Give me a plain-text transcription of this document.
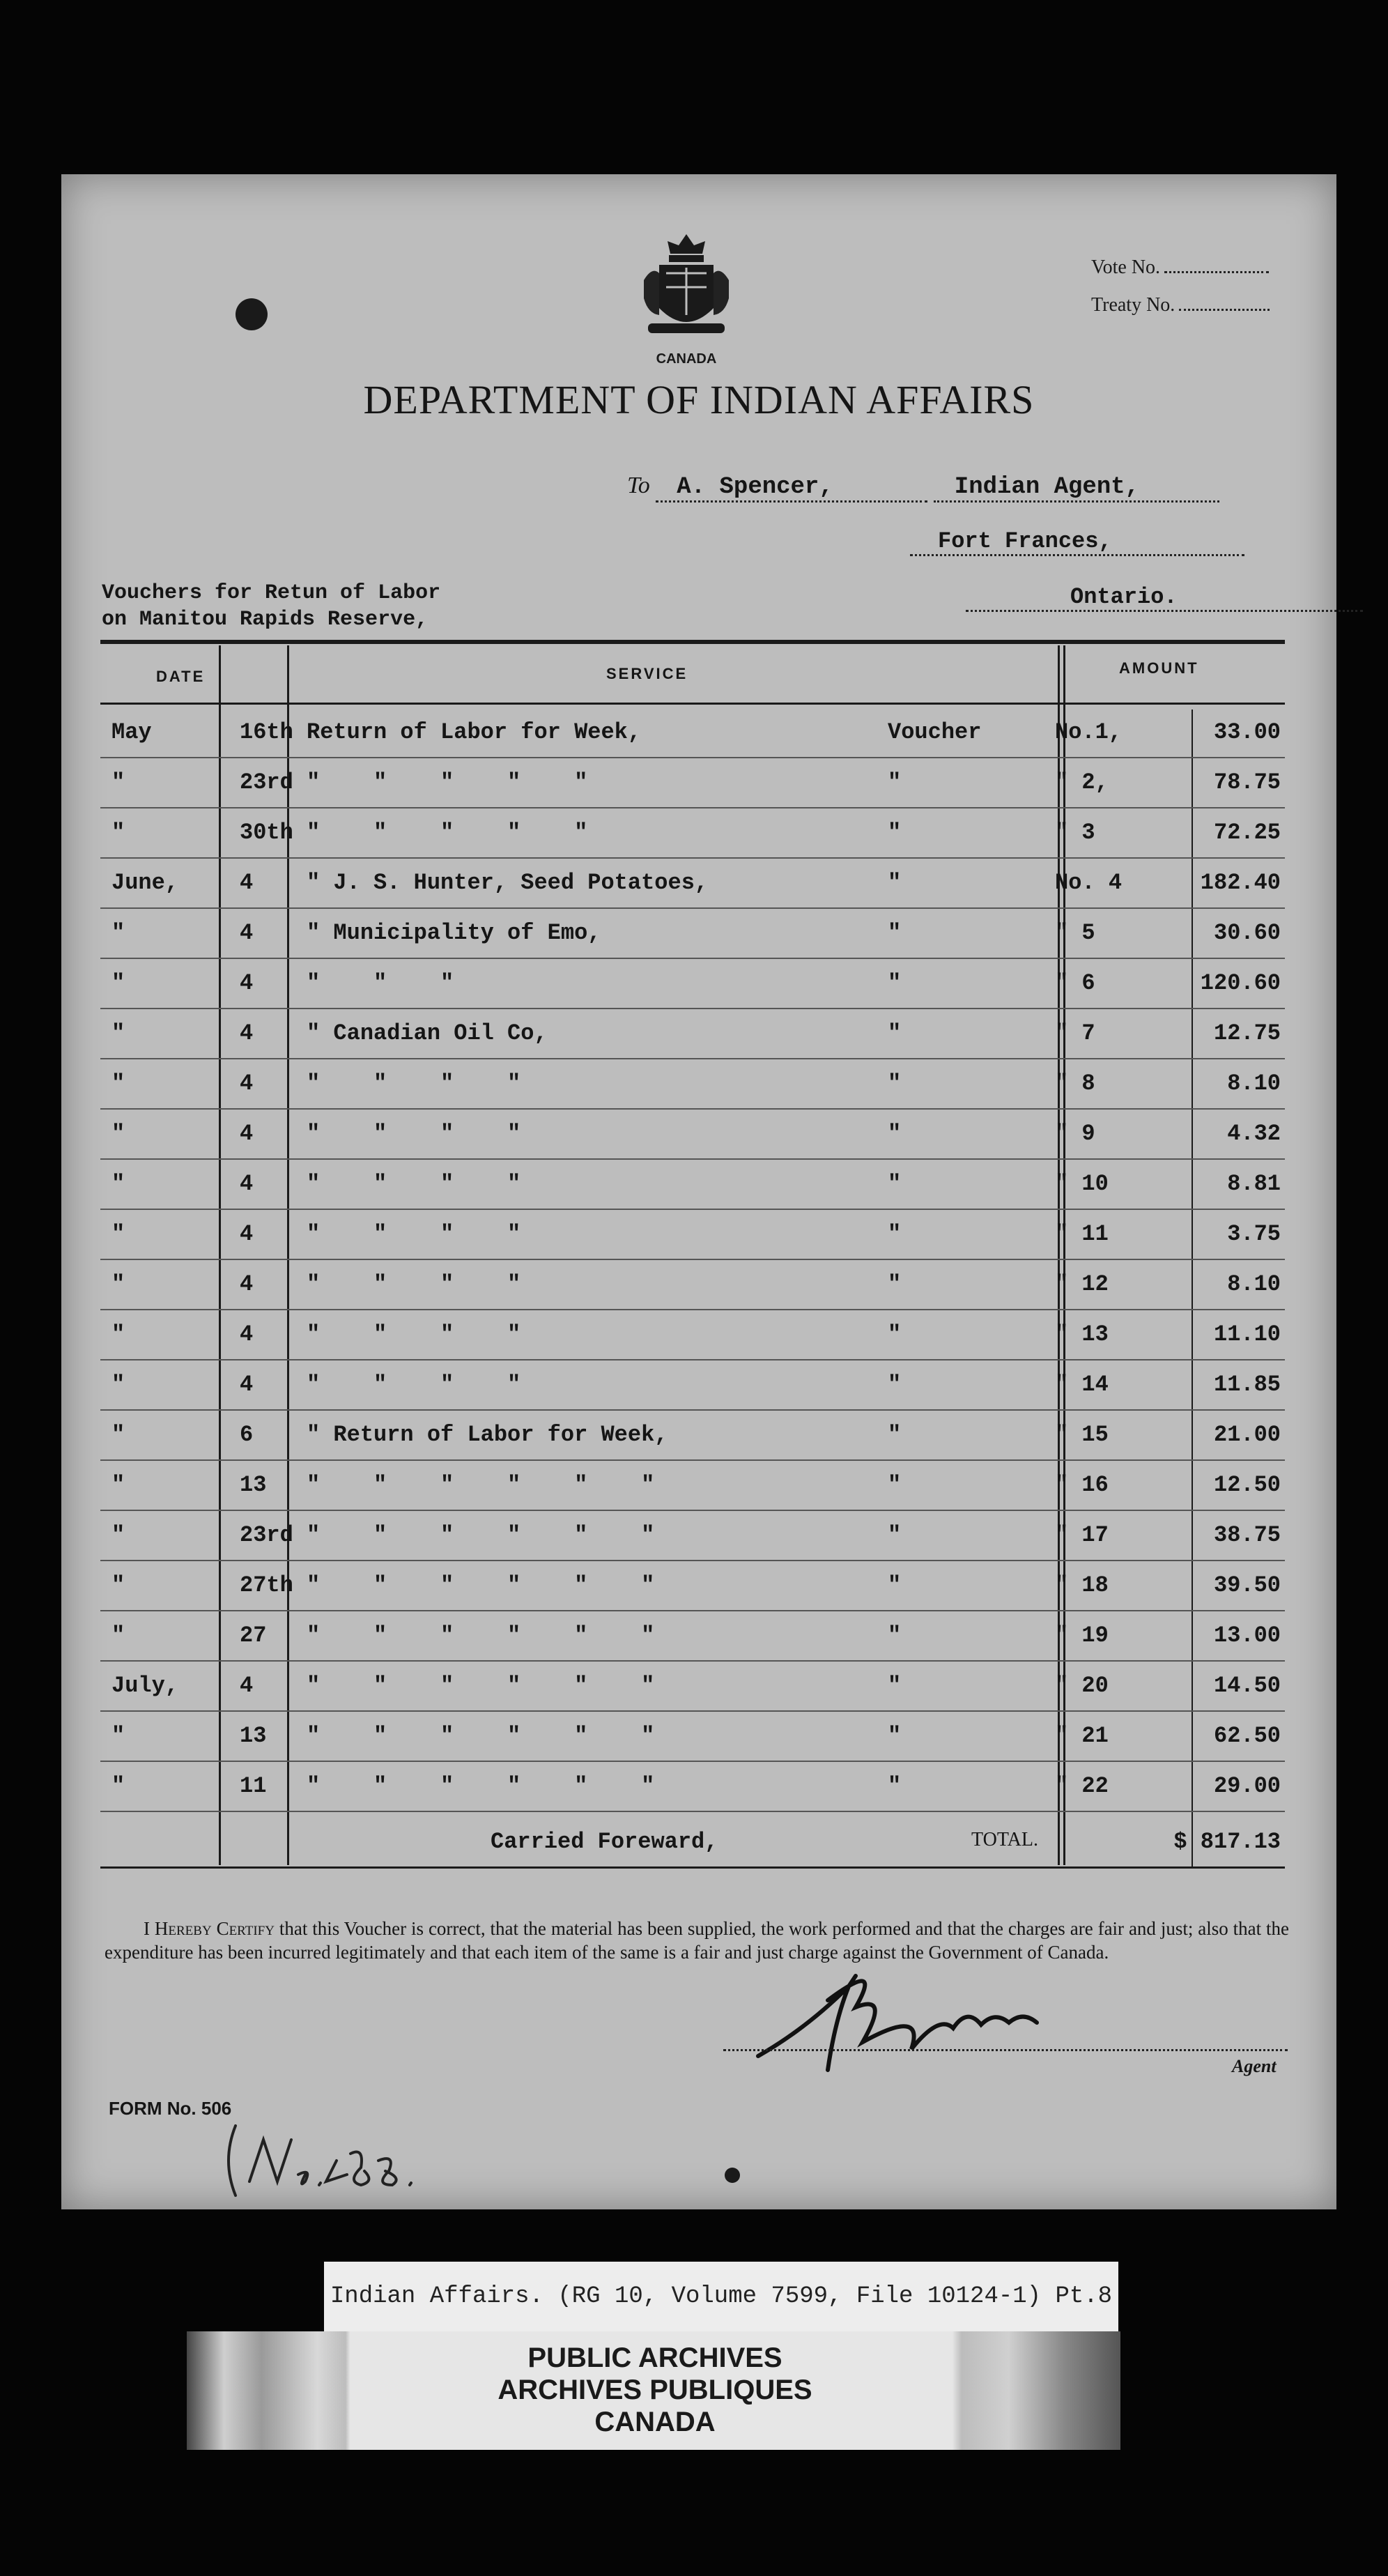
CANADA
Vote No.
Treaty No.
DEPARTMENT OF INDIAN AFFAIRS
To A. Spencer,	Indian Agent,
Fort Frances,
Ontario.
Vouchers for Retun of Labor
on Manitou Rapids Reserve,
DATE	SERVICE	AMOUNT
May	16th Return of Labor for Week,	Voucher	No.1,	33.00
"	23rd "    "    "    "    "	"	" 2,	78.75
"	30th "    "    "    "    "	"	" 3	72.25
June,	4 " J. S. Hunter, Seed Potatoes,	"	No. 4	182.40
"	4 " Municipality of Emo,	"	" 5	30.60
"	4 "    "    "	"	" 6	120.60
"	4 " Canadian Oil Co,	"	" 7	12.75
"	4 "    "    "    "	"	" 8	8.10
"	4 "    "    "    "	"	" 9	4.32
"	4 "    "    "    "	"	" 10	8.81
"	4 "    "    "    "	"	" 11	3.75
"	4 "    "    "    "	"	" 12	8.10
"	4 "    "    "    "	"	" 13	11.10
"	4 "    "    "    "	"	" 14	11.85
"	6 " Return of Labor for Week,	"	" 15	21.00
"	13 "    "    "    "    "    "	"	" 16	12.50
"	23rd "    "    "    "    "    "	"	" 17	38.75
"	27th "    "    "    "    "    "	"	" 18	39.50
"	27 "    "    "    "    "    "	"	" 19	13.00
July,	4 "    "    "    "    "    "	"	" 20	14.50
"	13 "    "    "    "    "    "	"	" 21	62.50
"	11 "    "    "    "    "    "	"	" 22	29.00
Carried Foreward,	TOTAL.	$ 817.13
I Hereby Certify that this Voucher is correct, that the material has been supplied, the work performed and that the charges are fair and just; also that the expenditure has been incurred legitimately and that each item of the same is a fair and just charge against the Government of Canada.
Agent
FORM No. 506
Indian Affairs. (RG 10, Volume 7599, File 10124-1) Pt.8
PUBLIC ARCHIVES
ARCHIVES PUBLIQUES
CANADA
